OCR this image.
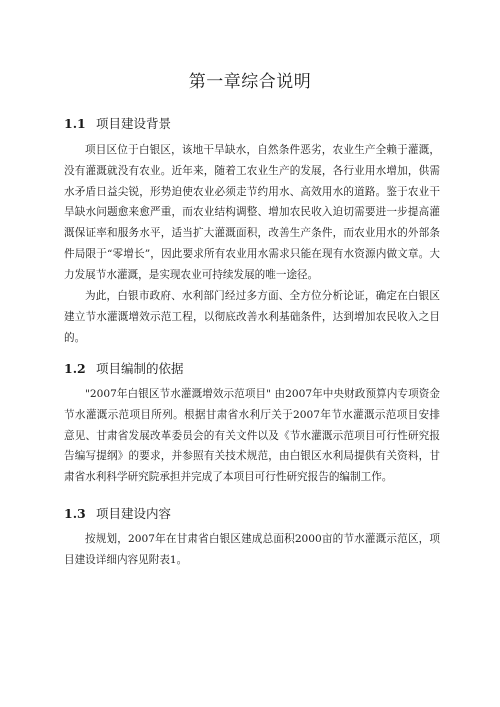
第一章综合说明
1.1 项目建设背景

项目区位于白银区，该地干旱缺水，自然条件恶劣，农业生产全赖于灌溉，没有灌溉就没有农业。近年来，随着工农业生产的发展，各行业用水增加，供需水矛盾日益尖锐，形势迫使农业必须走节约用水、高效用水的道路。鉴于农业干旱缺水问题愈来愈严重，而农业结构调整、增加农民收入迫切需要进一步提高灌溉保证率和服务水平，适当扩大灌溉面积，改善生产条件，而农业用水的外部条件局限于“零增长”，因此要求所有农业用水需求只能在现有水资源内做文章。大力发展节水灌溉，是实现农业可持续发展的唯一途径。

为此，白银市政府、水利部门经过多方面、全方位分析论证，确定在白银区建立节水灌溉增效示范工程，以彻底改善水利基础条件，达到增加农民收入之目的。

1.2 项目编制的依据

"2007年白银区节水灌溉增效示范项目" 由2007年中央财政预算内专项资金节水灌溉示范项目所列。根据甘肃省水利厅关于2007年节水灌溉示范项目安排意见、甘肃省发展改革委员会的有关文件以及《节水灌溉示范项目可行性研究报告编写提纲》的要求，并参照有关技术规范，由白银区水利局提供有关资料，甘肃省水利科学研究院承担并完成了本项目可行性研究报告的编制工作。

1.3 项目建设内容

按规划，2007年在甘肃省白银区建成总面积2000亩的节水灌溉示范区，项目建设详细内容见附表1。
